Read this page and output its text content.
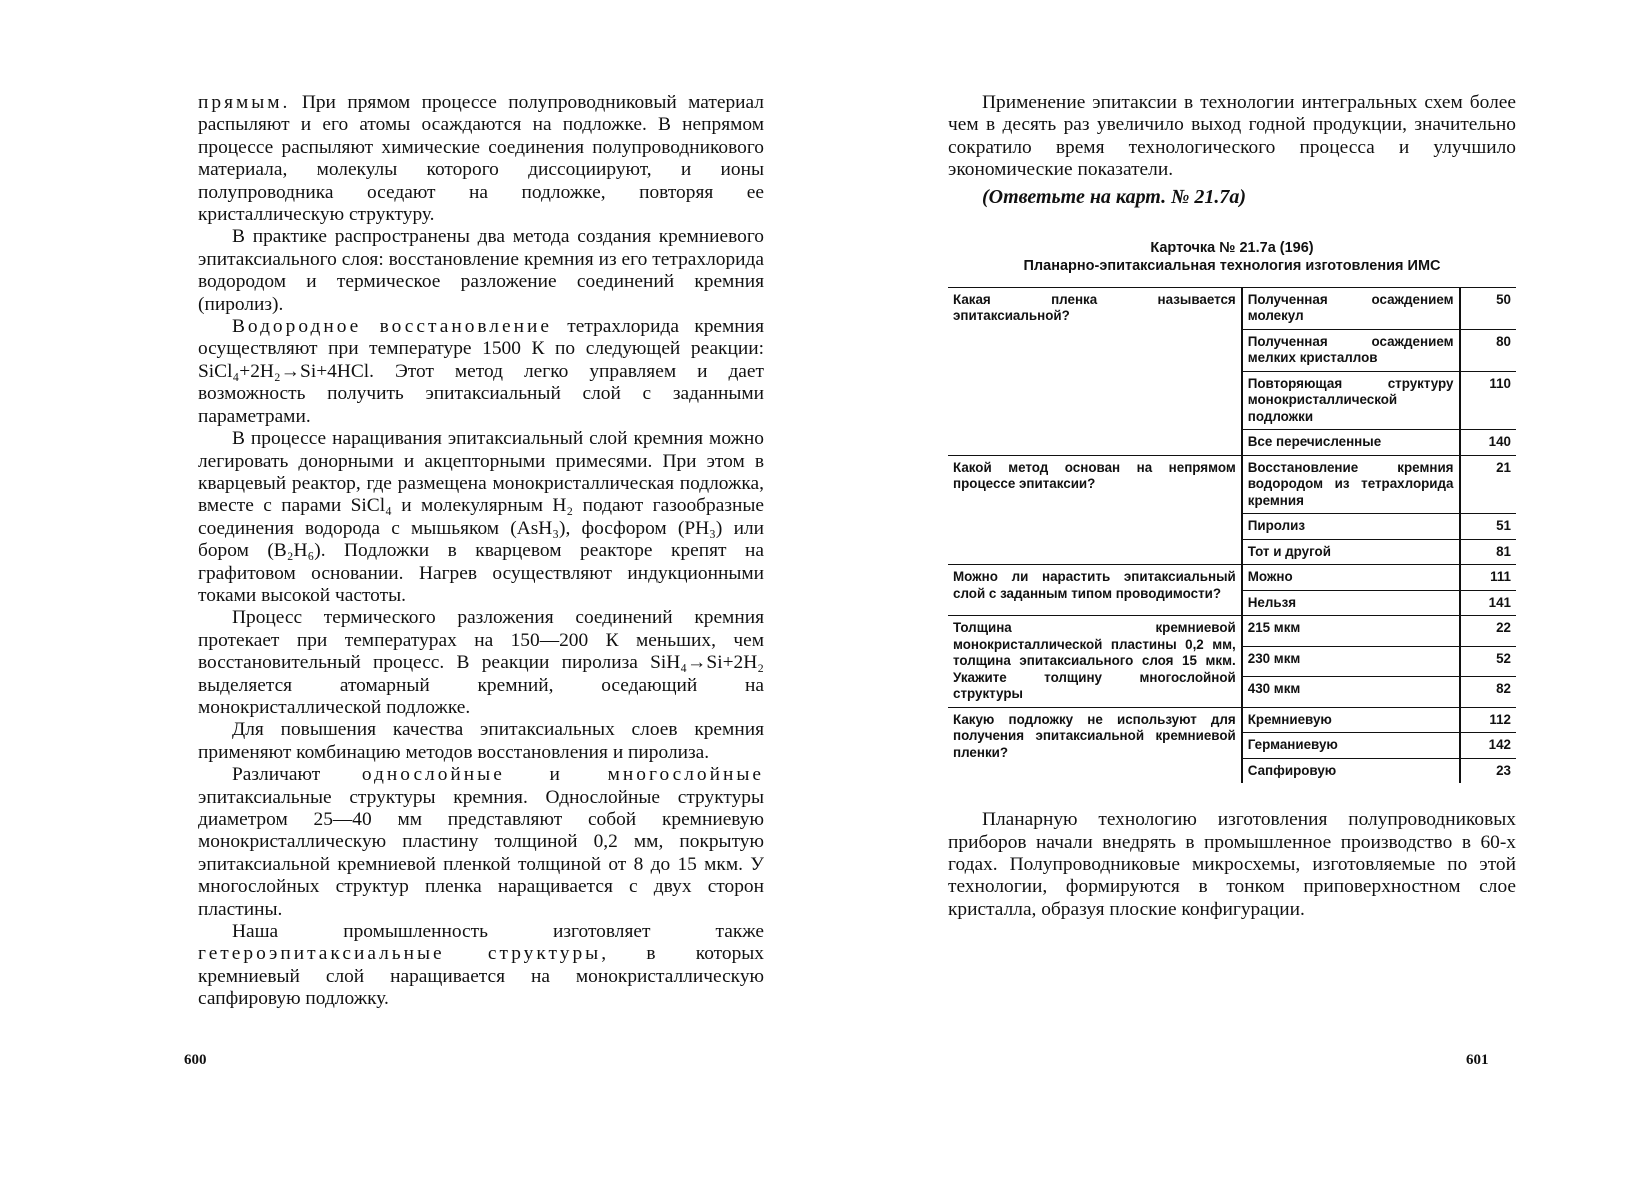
прямым. При прямом процессе полупроводниковый материал распыляют и его атомы осаждаются на подложке. В непрямом процессе распыляют химические соединения полупроводникового материала, молекулы которого диссоциируют, и ионы полупроводника оседают на подложке, повторяя ее кристаллическую структуру.

В практике распространены два метода создания кремниевого эпитаксиального слоя: восстановление кремния из его тетрахлорида водородом и термическое разложение соединений кремния (пиролиз).

Водородное восстановление тетрахлорида кремния осуществляют при температуре 1500 К по следующей реакции: SiCl₄+2H₂→Si+4HCl. Этот метод легко управляем и дает возможность получить эпитаксиальный слой с заданными параметрами.

В процессе наращивания эпитаксиальный слой кремния можно легировать донорными и акцепторными примесями. При этом в кварцевый реактор, где размещена монокристаллическая подложка, вместе с парами SiCl₄ и молекулярным H₂ подают газообразные соединения водорода с мышьяком (AsH₃), фосфором (PH₃) или бором (B₂H₆). Подложки в кварцевом реакторе крепят на графитовом основании. Нагрев осуществляют индукционными токами высокой частоты.

Процесс термического разложения соединений кремния протекает при температурах на 150—200 К меньших, чем восстановительный процесс. В реакции пиролиза SiH₄→Si+2H₂ выделяется атомарный кремний, оседающий на монокристаллической подложке.

Для повышения качества эпитаксиальных слоев кремния применяют комбинацию методов восстановления и пиролиза.

Различают однослойные и многослойные эпитаксиальные структуры кремния. Однослойные структуры диаметром 25—40 мм представляют собой кремниевую монокристаллическую пластину толщиной 0,2 мм, покрытую эпитаксиальной кремниевой пленкой толщиной от 8 до 15 мкм. У многослойных структур пленка наращивается с двух сторон пластины.

Наша промышленность изготовляет также гетероэпитаксиальные структуры, в которых кремниевый слой наращивается на монокристаллическую сапфировую подложку.

600

Применение эпитаксии в технологии интегральных схем более чем в десять раз увеличило выход годной продукции, значительно сократило время технологического процесса и улучшило экономические показатели.

(Ответьте на карт. № 21.7а)

Карточка № 21.7а (196)
Планарно-эпитаксиальная технология изготовления ИМС
Какая пленка называется эпитаксиальной?	Полученная осаждением молекул	50
	Полученная осаждением мелких кристаллов	80
	Повторяющая структуру монокристаллической подложки	110
	Все перечисленные	140
Какой метод основан на непрямом процессе эпитаксии?	Восстановление кремния водородом из тетрахлорида кремния	21
	Пиролиз	51
	Тот и другой	81
Можно ли нарастить эпитаксиальный слой с заданным типом проводимости?	Можно	111
	Нельзя	141
Толщина кремниевой монокристаллической пластины 0,2 мм, толщина эпитаксиального слоя 15 мкм. Укажите толщину многослойной структуры	215 мкм	22
	230 мкм	52
	430 мкм	82
Какую подложку не используют для получения эпитаксиальной кремниевой пленки?	Кремниевую	112
	Германиевую	142
	Сапфировую	23

Планарную технологию изготовления полупроводниковых приборов начали внедрять в промышленное производство в 60-х годах. Полупроводниковые микросхемы, изготовляемые по этой технологии, формируются в тонком приповерхностном слое кристалла, образуя плоские конфигурации.

601
